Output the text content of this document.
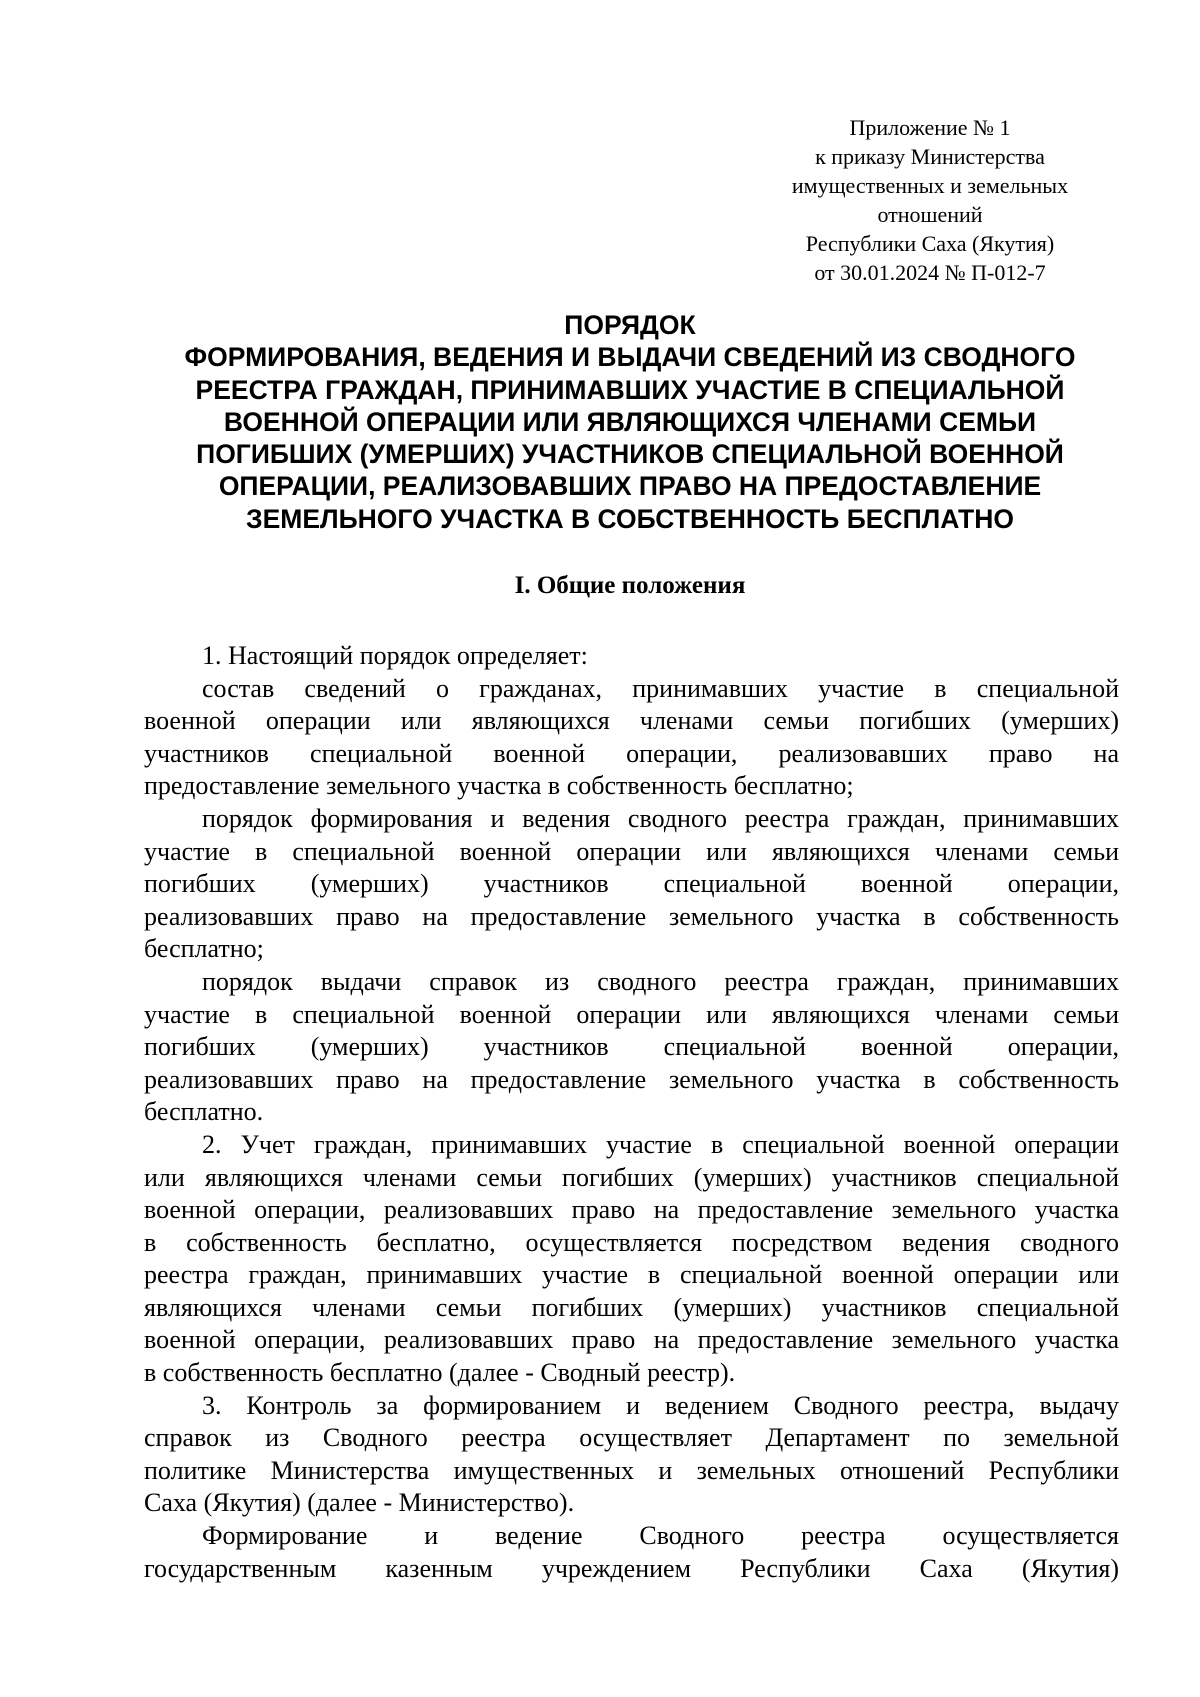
Приложение № 1
к приказу Министерства
имущественных и земельных
отношений
Республики Саха (Якутия)
от 30.01.2024 № П-012-7
ПОРЯДОК
ФОРМИРОВАНИЯ, ВЕДЕНИЯ И ВЫДАЧИ СВЕДЕНИЙ ИЗ СВОДНОГО
РЕЕСТРА ГРАЖДАН, ПРИНИМАВШИХ УЧАСТИЕ В СПЕЦИАЛЬНОЙ
ВОЕННОЙ ОПЕРАЦИИ ИЛИ ЯВЛЯЮЩИХСЯ ЧЛЕНАМИ СЕМЬИ
ПОГИБШИХ (УМЕРШИХ) УЧАСТНИКОВ СПЕЦИАЛЬНОЙ ВОЕННОЙ
ОПЕРАЦИИ, РЕАЛИЗОВАВШИХ ПРАВО НА ПРЕДОСТАВЛЕНИЕ
ЗЕМЕЛЬНОГО УЧАСТКА В СОБСТВЕННОСТЬ БЕСПЛАТНО
I. Общие положения
1. Настоящий порядок определяет:
состав сведений о гражданах, принимавших участие в специальной
военной операции или являющихся членами семьи погибших (умерших)
участников специальной военной операции, реализовавших право на
предоставление земельного участка в собственность бесплатно;
порядок формирования и ведения сводного реестра граждан, принимавших
участие в специальной военной операции или являющихся членами семьи
погибших (умерших) участников специальной военной операции,
реализовавших право на предоставление земельного участка в собственность
бесплатно;
порядок выдачи справок из сводного реестра граждан, принимавших
участие в специальной военной операции или являющихся членами семьи
погибших (умерших) участников специальной военной операции,
реализовавших право на предоставление земельного участка в собственность
бесплатно.
2. Учет граждан, принимавших участие в специальной военной операции
или являющихся членами семьи погибших (умерших) участников специальной
военной операции, реализовавших право на предоставление земельного участка
в собственность бесплатно, осуществляется посредством ведения сводного
реестра граждан, принимавших участие в специальной военной операции или
являющихся членами семьи погибших (умерших) участников специальной
военной операции, реализовавших право на предоставление земельного участка
в собственность бесплатно (далее - Сводный реестр).
3. Контроль за формированием и ведением Сводного реестра, выдачу
справок из Сводного реестра осуществляет Департамент по земельной
политике Министерства имущественных и земельных отношений Республики
Саха (Якутия) (далее - Министерство).
Формирование и ведение Сводного реестра осуществляется
государственным казенным учреждением Республики Саха (Якутия)
